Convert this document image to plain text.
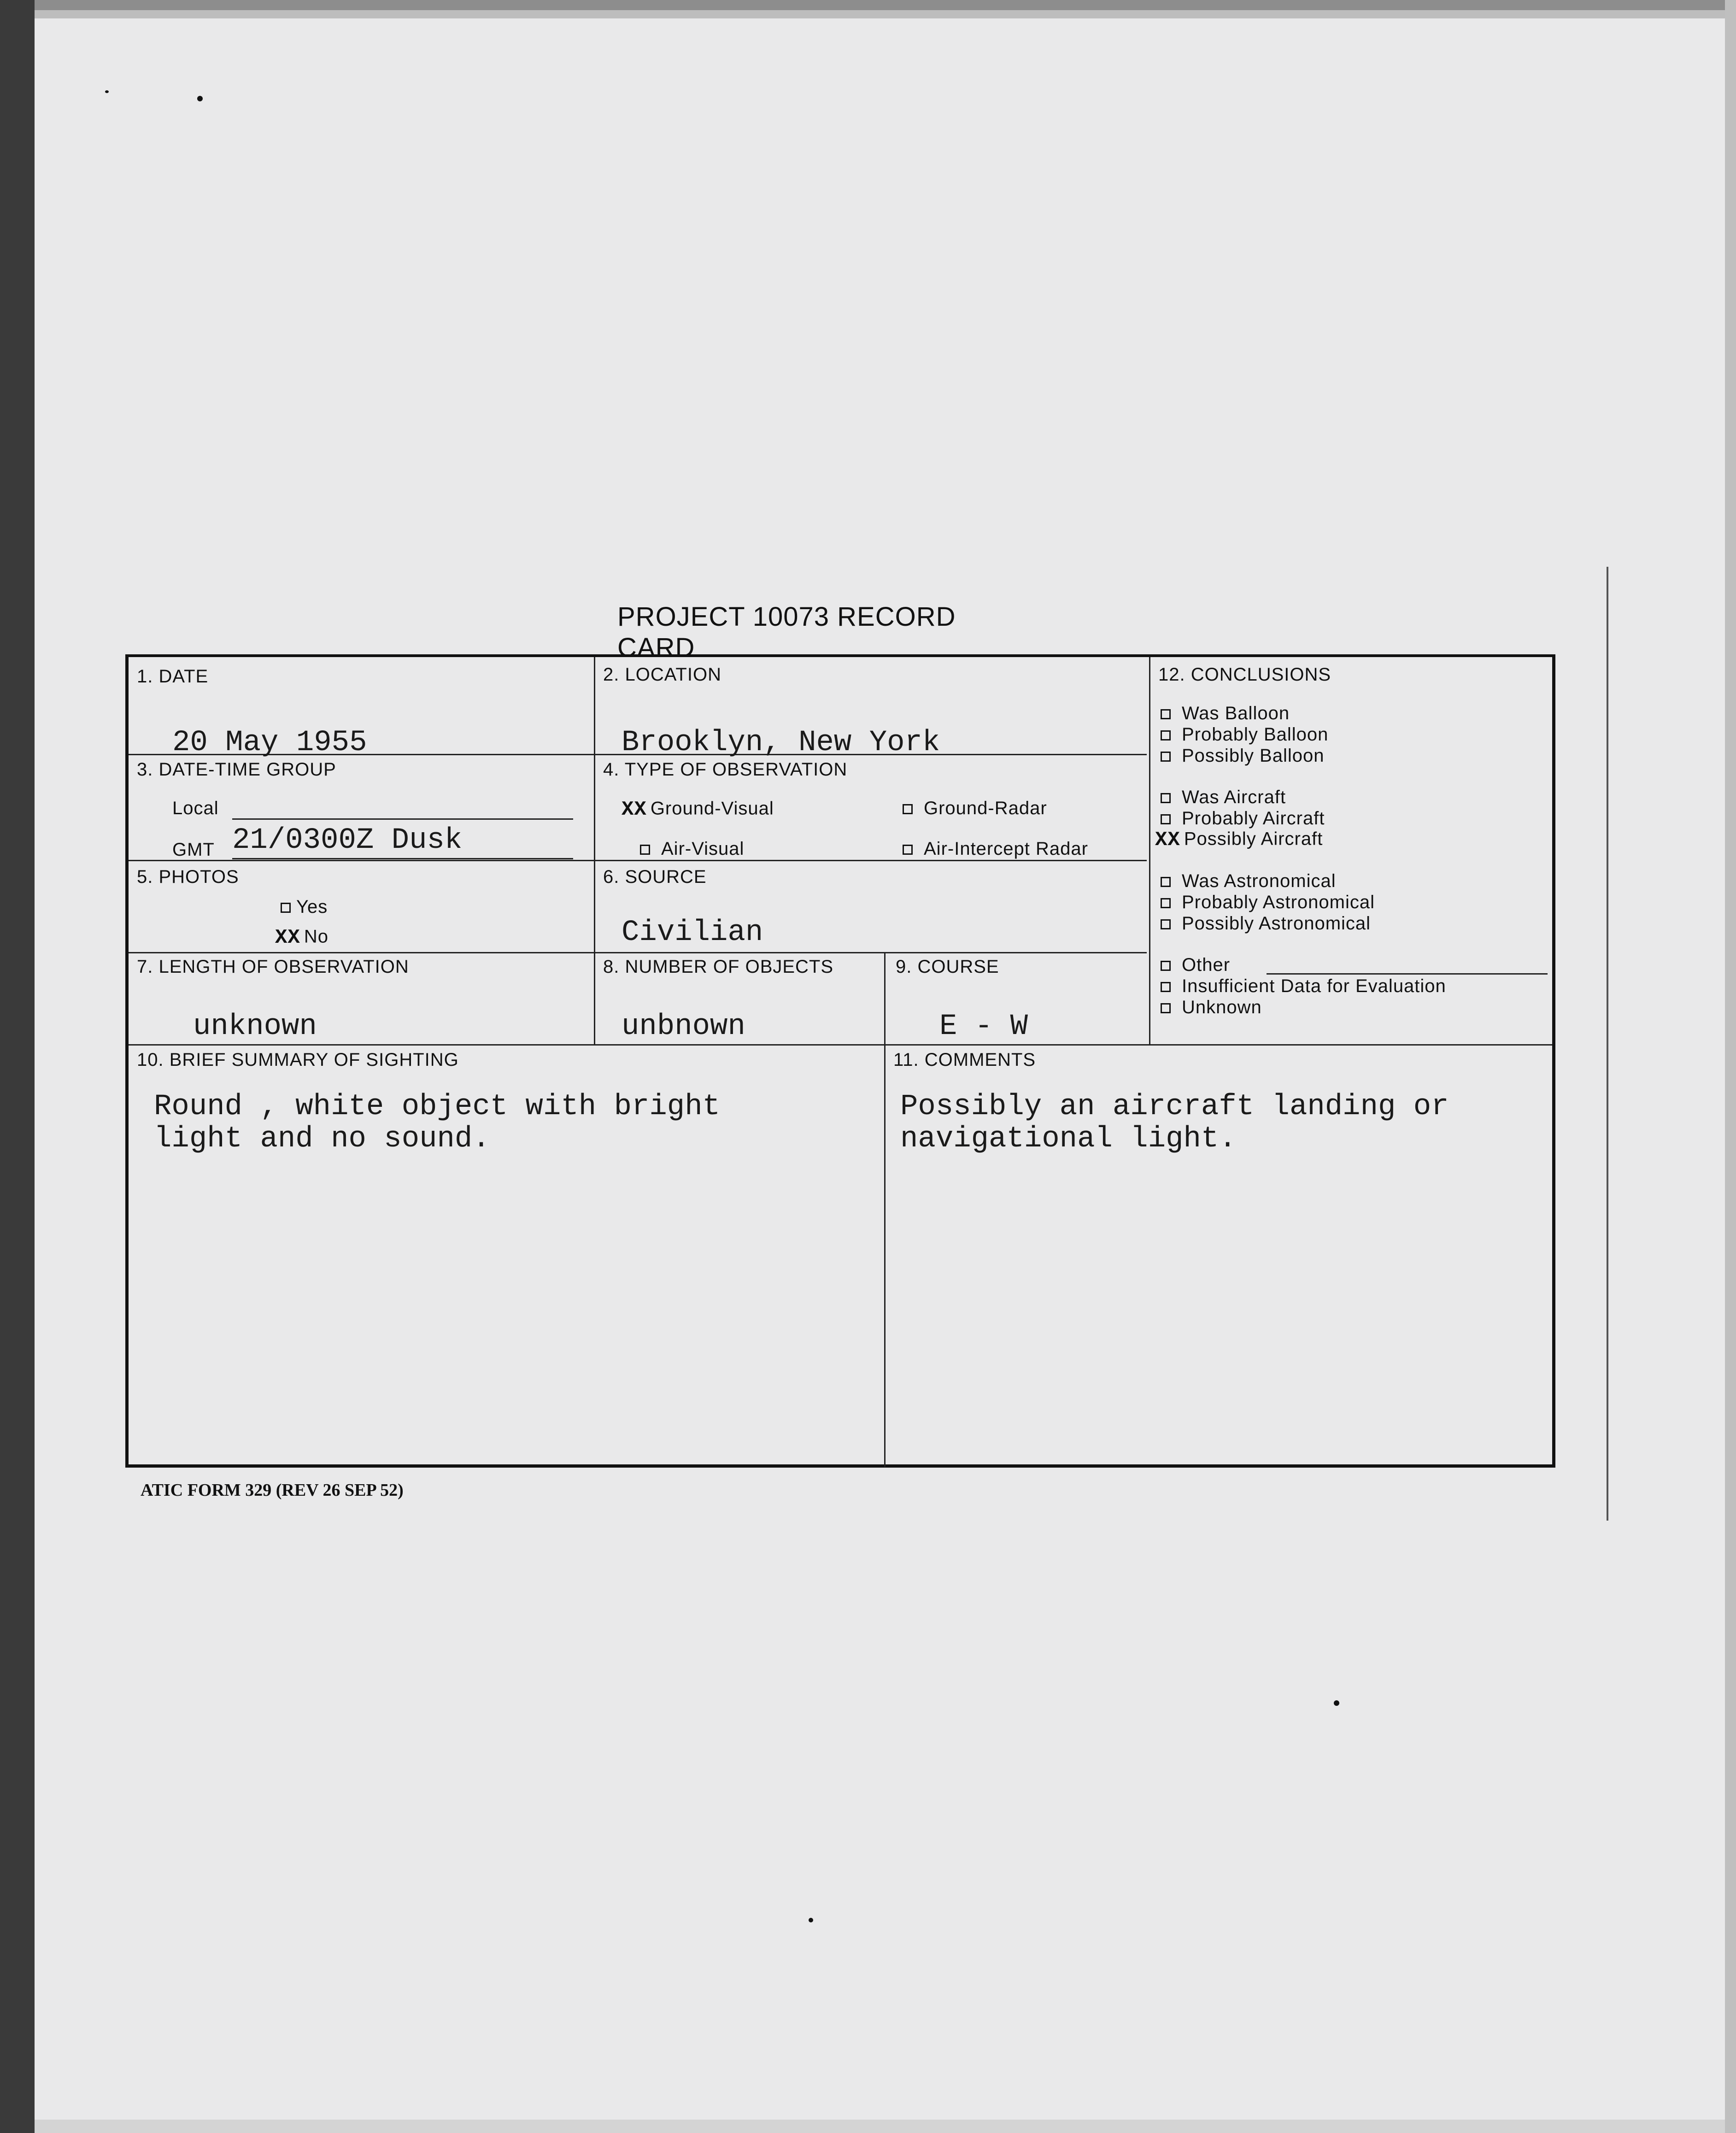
PROJECT 10073 RECORD CARD
1. DATE
20 May 1955
2. LOCATION
Brooklyn, New York
3. DATE-TIME GROUP
Local
GMT 21/0300Z Dusk
4. TYPE OF OBSERVATION
XX Ground-Visual	Ground-Radar
Air-Visual	Air-Intercept Radar
5. PHOTOS
Yes
XX No
6. SOURCE
Civilian
7. LENGTH OF OBSERVATION
unknown
8. NUMBER OF OBJECTS
unbnown
9. COURSE
E - W
10. BRIEF SUMMARY OF SIGHTING
Round , white object with bright
light and no sound.
11. COMMENTS
Possibly an aircraft landing or
navigational light.
12. CONCLUSIONS
Was Balloon
Probably Balloon
Possibly Balloon
Was Aircraft
Probably Aircraft
XX Possibly Aircraft
Was Astronomical
Probably Astronomical
Possibly Astronomical
Other
Insufficient Data for Evaluation
Unknown
ATIC FORM 329 (REV 26 SEP 52)
